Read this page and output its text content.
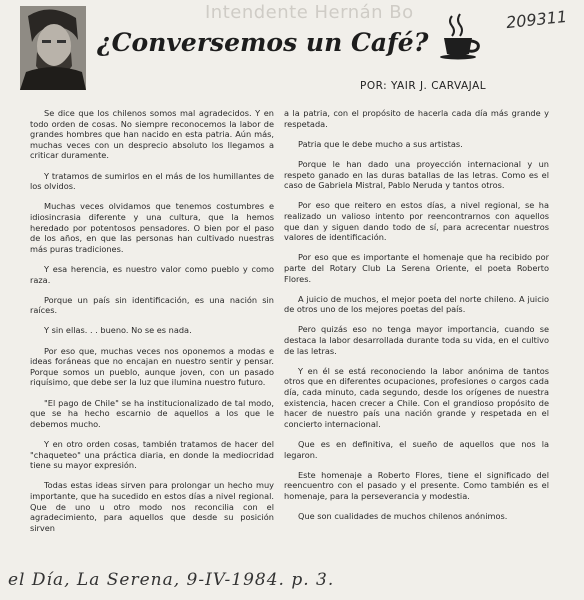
Intendente Hernán Bo
¿Conversemos un Café?
209311
POR: YAIR J. CARVAJAL

Se dice que los chilenos somos mal agradecidos. Y en todo orden de cosas. No siempre reconocemos la labor de grandes hombres que han nacido en esta patria. Aún más, muchas veces con un desprecio absoluto los llegamos a criticar duramente.

Y tratamos de sumirlos en el más de los humillantes de los olvidos.

Muchas veces olvidamos que tenemos costumbres e idiosincrasia diferente y una cultura, que la hemos heredado por potentosos pensadores. O bien por el paso de los años, en que las personas han cultivado nuestras más puras tradiciones.

Y esa herencia, es nuestro valor como pueblo y como raza.

Porque un país sin identificación, es una nación sin raíces.

Y sin ellas. . . bueno. No se es nada.

Por eso que, muchas veces nos oponemos a modas e ideas foráneas que no encajan en nuestro sentir y pensar. Porque somos un pueblo, aunque joven, con un pasado riquísimo, que debe ser la luz que ilumina nuestro futuro.

"El pago de Chile" se ha institucionalizado de tal modo, que se ha hecho escarnio de aquellos a los que le debemos mucho.

Y en otro orden cosas, también tratamos de hacer del "chaqueteo" una práctica diaria, en donde la mediocridad tiene su mayor expresión.

Todas estas ideas sirven para prolongar un hecho muy importante, que ha sucedido en estos días a nivel regional. Que de uno u otro modo nos reconcilia con el agradecimiento, para aquellos que desde su posición sirven

a la patria, con el propósito de hacerla cada día más grande y respetada.

Patria que le debe mucho a sus artistas.

Porque le han dado una proyección internacional y un respeto ganado en las duras batallas de las letras. Como es el caso de Gabriela Mistral, Pablo Neruda y tantos otros.

Por eso que reitero en estos días, a nivel regional, se ha realizado un valioso intento por reencontrarnos con aquellos que dan y siguen dando todo de sí, para acrecentar nuestros valores de identificación.

Por eso que es importante el homenaje que ha recibido por parte del Rotary Club La Serena Oriente, el poeta Roberto Flores.

A juicio de muchos, el mejor poeta del norte chileno. A juicio de otros uno de los mejores poetas del país.

Pero quizás eso no tenga mayor importancia, cuando se destaca la labor desarrollada durante toda su vida, en el cultivo de las letras.

Y en él se está reconociendo la labor anónima de tantos otros que en diferentes ocupaciones, profesiones o cargos cada día, cada minuto, cada segundo, desde los orígenes de nuestra existencia, hacen crecer a Chile. Con el grandioso propósito de hacer de nuestro país una nación grande y respetada en el concierto internacional.

Que es en definitiva, el sueño de aquellos que nos la legaron.

Este homenaje a Roberto Flores, tiene el significado del reencuentro con el pasado y el presente. Como también es el homenaje, para la perseverancia y modestia.

Que son cualidades de muchos chilenos anónimos.

el Día, La Serena, 9-IV-1984. p. 3.
